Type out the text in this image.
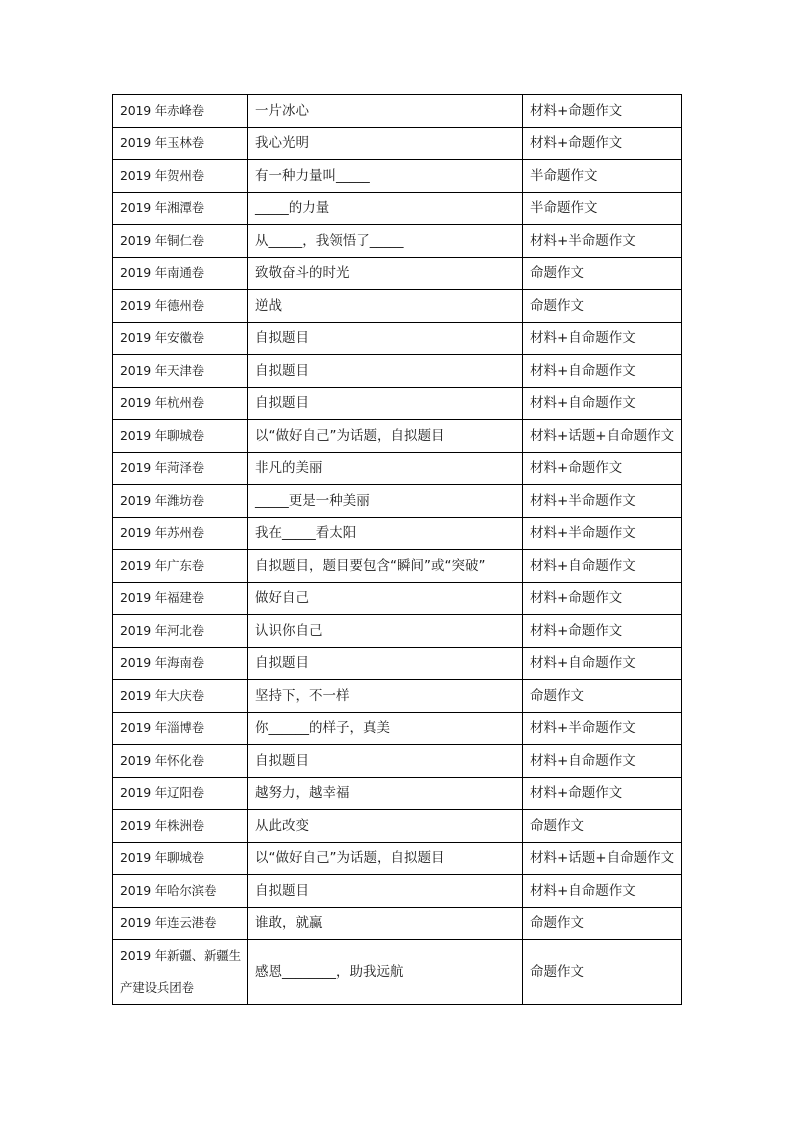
2019 年赤峰卷	一片冰心	材料+命题作文
2019 年玉林卷	我心光明	材料+命题作文
2019 年贺州卷	有一种力量叫_____	半命题作文
2019 年湘潭卷	_____的力量	半命题作文
2019 年铜仁卷	从_____，我领悟了_____	材料+半命题作文
2019 年南通卷	致敬奋斗的时光	命题作文
2019 年德州卷	逆战	命题作文
2019 年安徽卷	自拟题目	材料+自命题作文
2019 年天津卷	自拟题目	材料+自命题作文
2019 年杭州卷	自拟题目	材料+自命题作文
2019 年聊城卷	以“做好自己”为话题，自拟题目	材料+话题+自命题作文
2019 年菏泽卷	非凡的美丽	材料+命题作文
2019 年潍坊卷	_____更是一种美丽	材料+半命题作文
2019 年苏州卷	我在_____看太阳	材料+半命题作文
2019 年广东卷	自拟题目，题目要包含“瞬间”或“突破”	材料+自命题作文
2019 年福建卷	做好自己	材料+命题作文
2019 年河北卷	认识你自己	材料+命题作文
2019 年海南卷	自拟题目	材料+自命题作文
2019 年大庆卷	坚持下，不一样	命题作文
2019 年淄博卷	你______的样子，真美	材料+半命题作文
2019 年怀化卷	自拟题目	材料+自命题作文
2019 年辽阳卷	越努力，越幸福	材料+命题作文
2019 年株洲卷	从此改变	命题作文
2019 年聊城卷	以“做好自己”为话题，自拟题目	材料+话题+自命题作文
2019 年哈尔滨卷	自拟题目	材料+自命题作文
2019 年连云港卷	谁敢，就赢	命题作文
2019 年新疆、新疆生产建设兵团卷	感恩________，助我远航	命题作文
